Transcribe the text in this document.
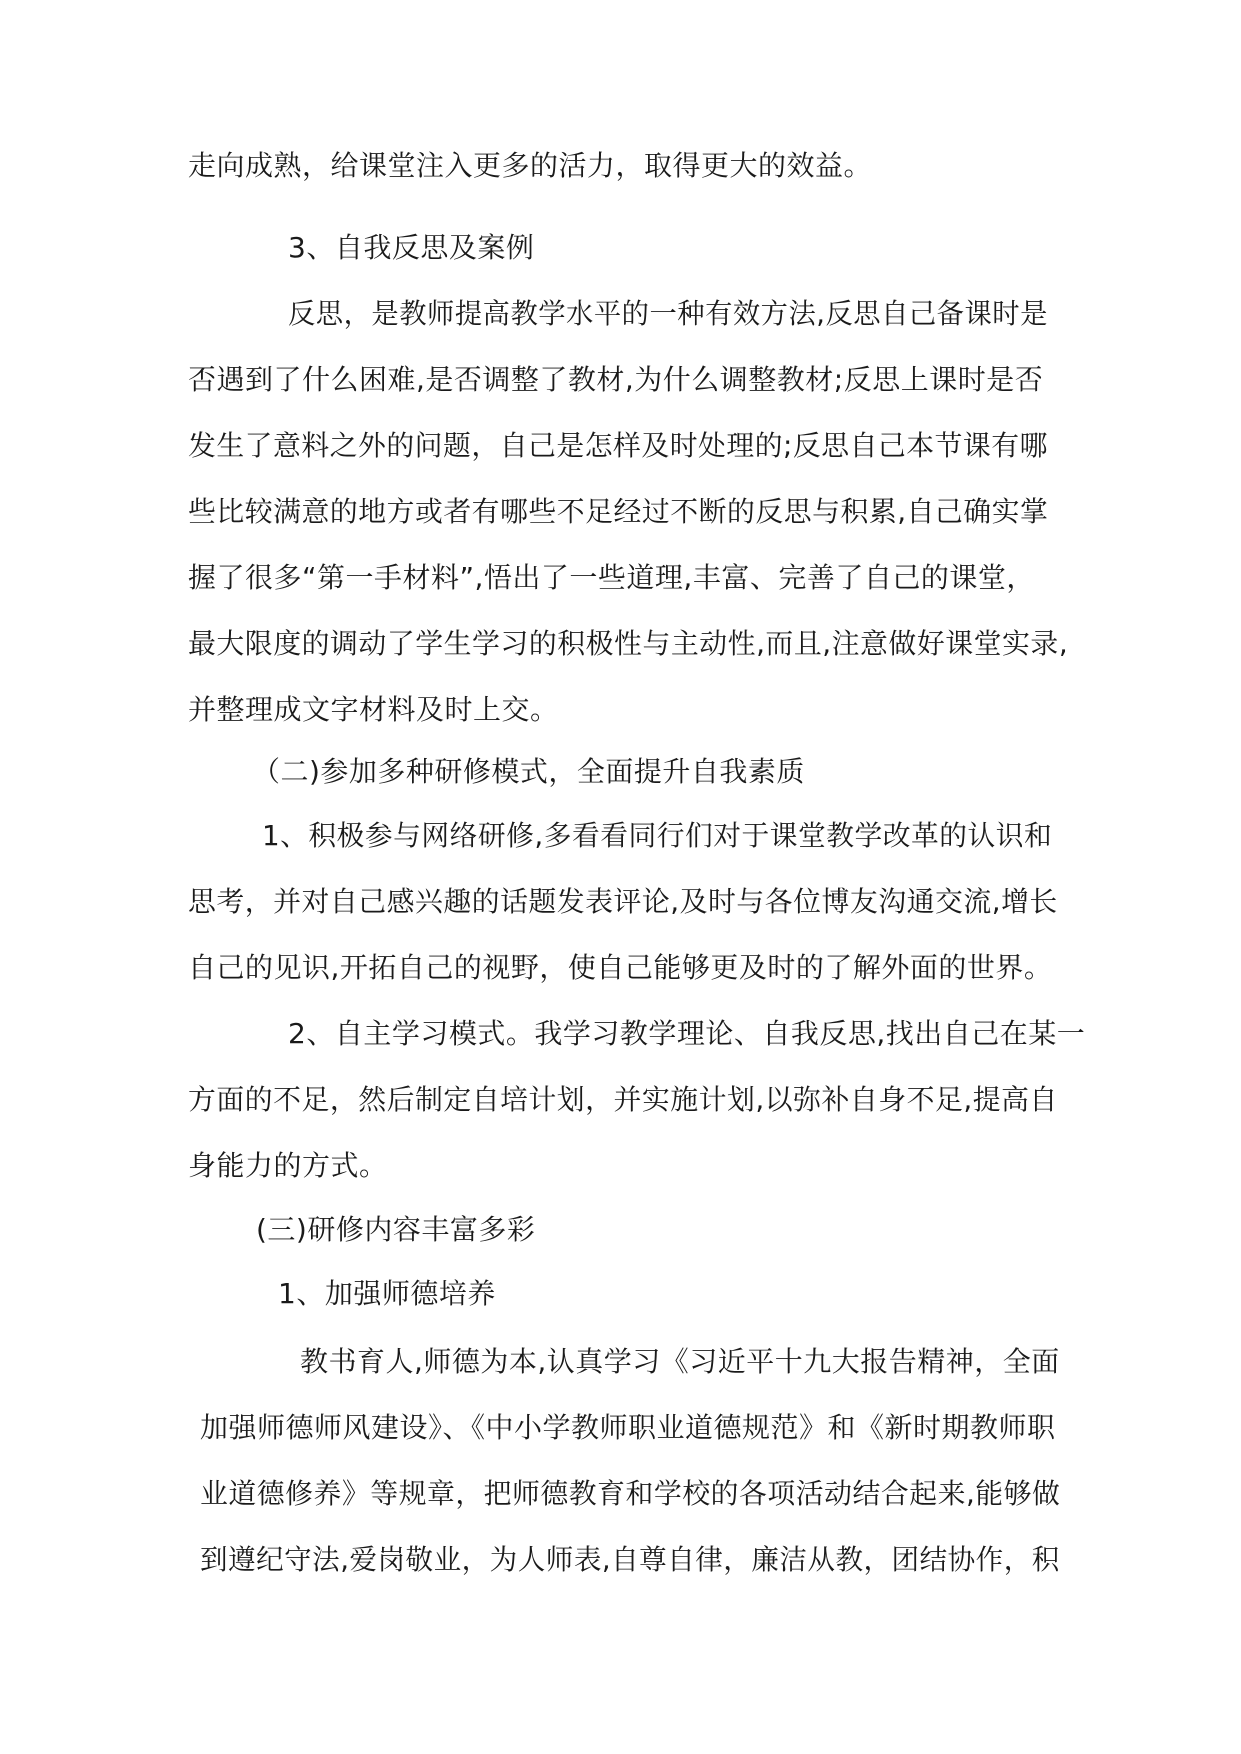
走向成熟，给课堂注入更多的活力，取得更大的效益。
3、自我反思及案例
反思，是教师提高教学水平的一种有效方法,反思自己备课时是
否遇到了什么困难,是否调整了教材,为什么调整教材;反思上课时是否
发生了意料之外的问题，自己是怎样及时处理的;反思自己本节课有哪
些比较满意的地方或者有哪些不足经过不断的反思与积累,自己确实掌
握了很多“第一手材料”,悟出了一些道理,丰富、完善了自己的课堂，
最大限度的调动了学生学习的积极性与主动性,而且,注意做好课堂实录,
并整理成文字材料及时上交。
（二)参加多种研修模式，全面提升自我素质
1、积极参与网络研修,多看看同行们对于课堂教学改革的认识和
思考，并对自己感兴趣的话题发表评论,及时与各位博友沟通交流,增长
自己的见识,开拓自己的视野，使自己能够更及时的了解外面的世界。
2、自主学习模式。我学习教学理论、自我反思,找出自己在某一
方面的不足，然后制定自培计划，并实施计划,以弥补自身不足,提高自
身能力的方式。
(三)研修内容丰富多彩
1、加强师德培养
教书育人,师德为本,认真学习《习近平十九大报告精神，全面
加强师德师风建设》、《中小学教师职业道德规范》和《新时期教师职
业道德修养》等规章，把师德教育和学校的各项活动结合起来,能够做
到遵纪守法,爱岗敬业，为人师表,自尊自律，廉洁从教，团结协作，积
